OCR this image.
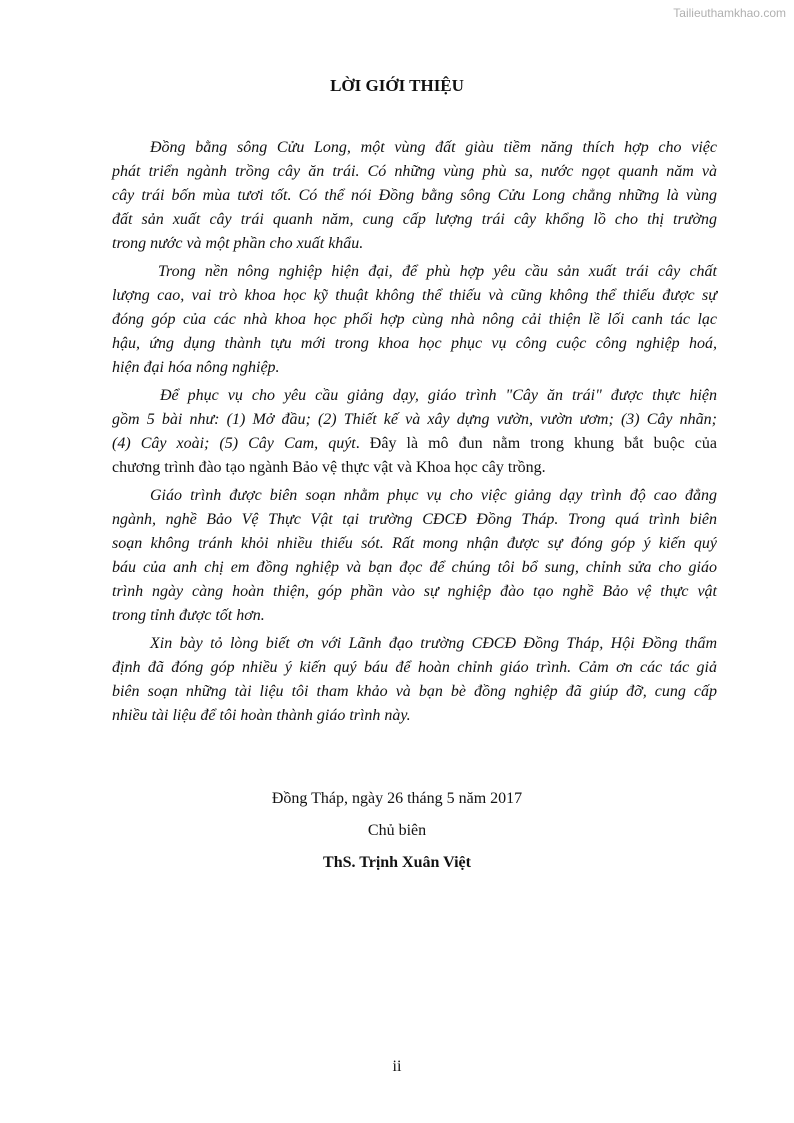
Tailieuthamkhao.com
LỜI GIỚI THIỆU
Đồng bằng sông Cửu Long, một vùng đất giàu tiềm năng thích hợp cho việc
phát triển ngành trồng cây ăn trái. Có những vùng phù sa, nước ngọt quanh năm và
cây trái bốn mùa tươi tốt. Có thể nói Đồng bằng sông Cửu Long chẳng những là vùng
đất sản xuất cây trái quanh năm, cung cấp lượng trái cây khổng lồ cho thị trường
trong nước và một phần cho xuất khẩu.
Trong nền nông nghiệp hiện đại, để phù hợp yêu cầu sản xuất trái cây chất
lượng cao, vai trò khoa học kỹ thuật không thể thiếu và cũng không thể thiếu được sự
đóng góp của các nhà khoa học phối hợp cùng nhà nông cải thiện lề lối canh tác lạc
hậu, ứng dụng thành tựu mới trong khoa học phục vụ công cuộc công nghiệp hoá,
hiện đại hóa nông nghiệp.
Để phục vụ cho yêu cầu giảng dạy, giáo trình "Cây ăn trái" được thực hiện
gồm 5 bài như: (1) Mở đầu; (2) Thiết kế và xây dựng vườn, vườn ươm; (3) Cây nhãn;
(4) Cây xoài; (5) Cây Cam, quýt. Đây là mô đun nằm trong khung bắt buộc của
chương trình đào tạo ngành Bảo vệ thực vật và Khoa học cây trồng.
Giáo trình được biên soạn nhằm phục vụ cho việc giảng dạy trình độ cao đẳng
ngành, nghề Bảo Vệ Thực Vật tại trường CĐCĐ Đồng Tháp. Trong quá trình biên
soạn không tránh khỏi nhiều thiếu sót. Rất mong nhận được sự đóng góp ý kiến quý
báu của anh chị em đồng nghiệp và bạn đọc để chúng tôi bổ sung, chỉnh sửa cho giáo
trình ngày càng hoàn thiện, góp phần vào sự nghiệp đào tạo nghề Bảo vệ thực vật
trong tỉnh được tốt hơn.
Xin bày tỏ lòng biết ơn với Lãnh đạo trường CĐCĐ Đồng Tháp, Hội Đồng thẩm
định đã đóng góp nhiều ý kiến quý báu để hoàn chỉnh giáo trình. Cảm ơn các tác giả
biên soạn những tài liệu tôi tham khảo và bạn bè đồng nghiệp đã giúp đỡ, cung cấp
nhiều tài liệu để tôi hoàn thành giáo trình này.
Đồng Tháp, ngày 26 tháng 5 năm 2017
Chủ biên
ThS. Trịnh Xuân Việt
ii
